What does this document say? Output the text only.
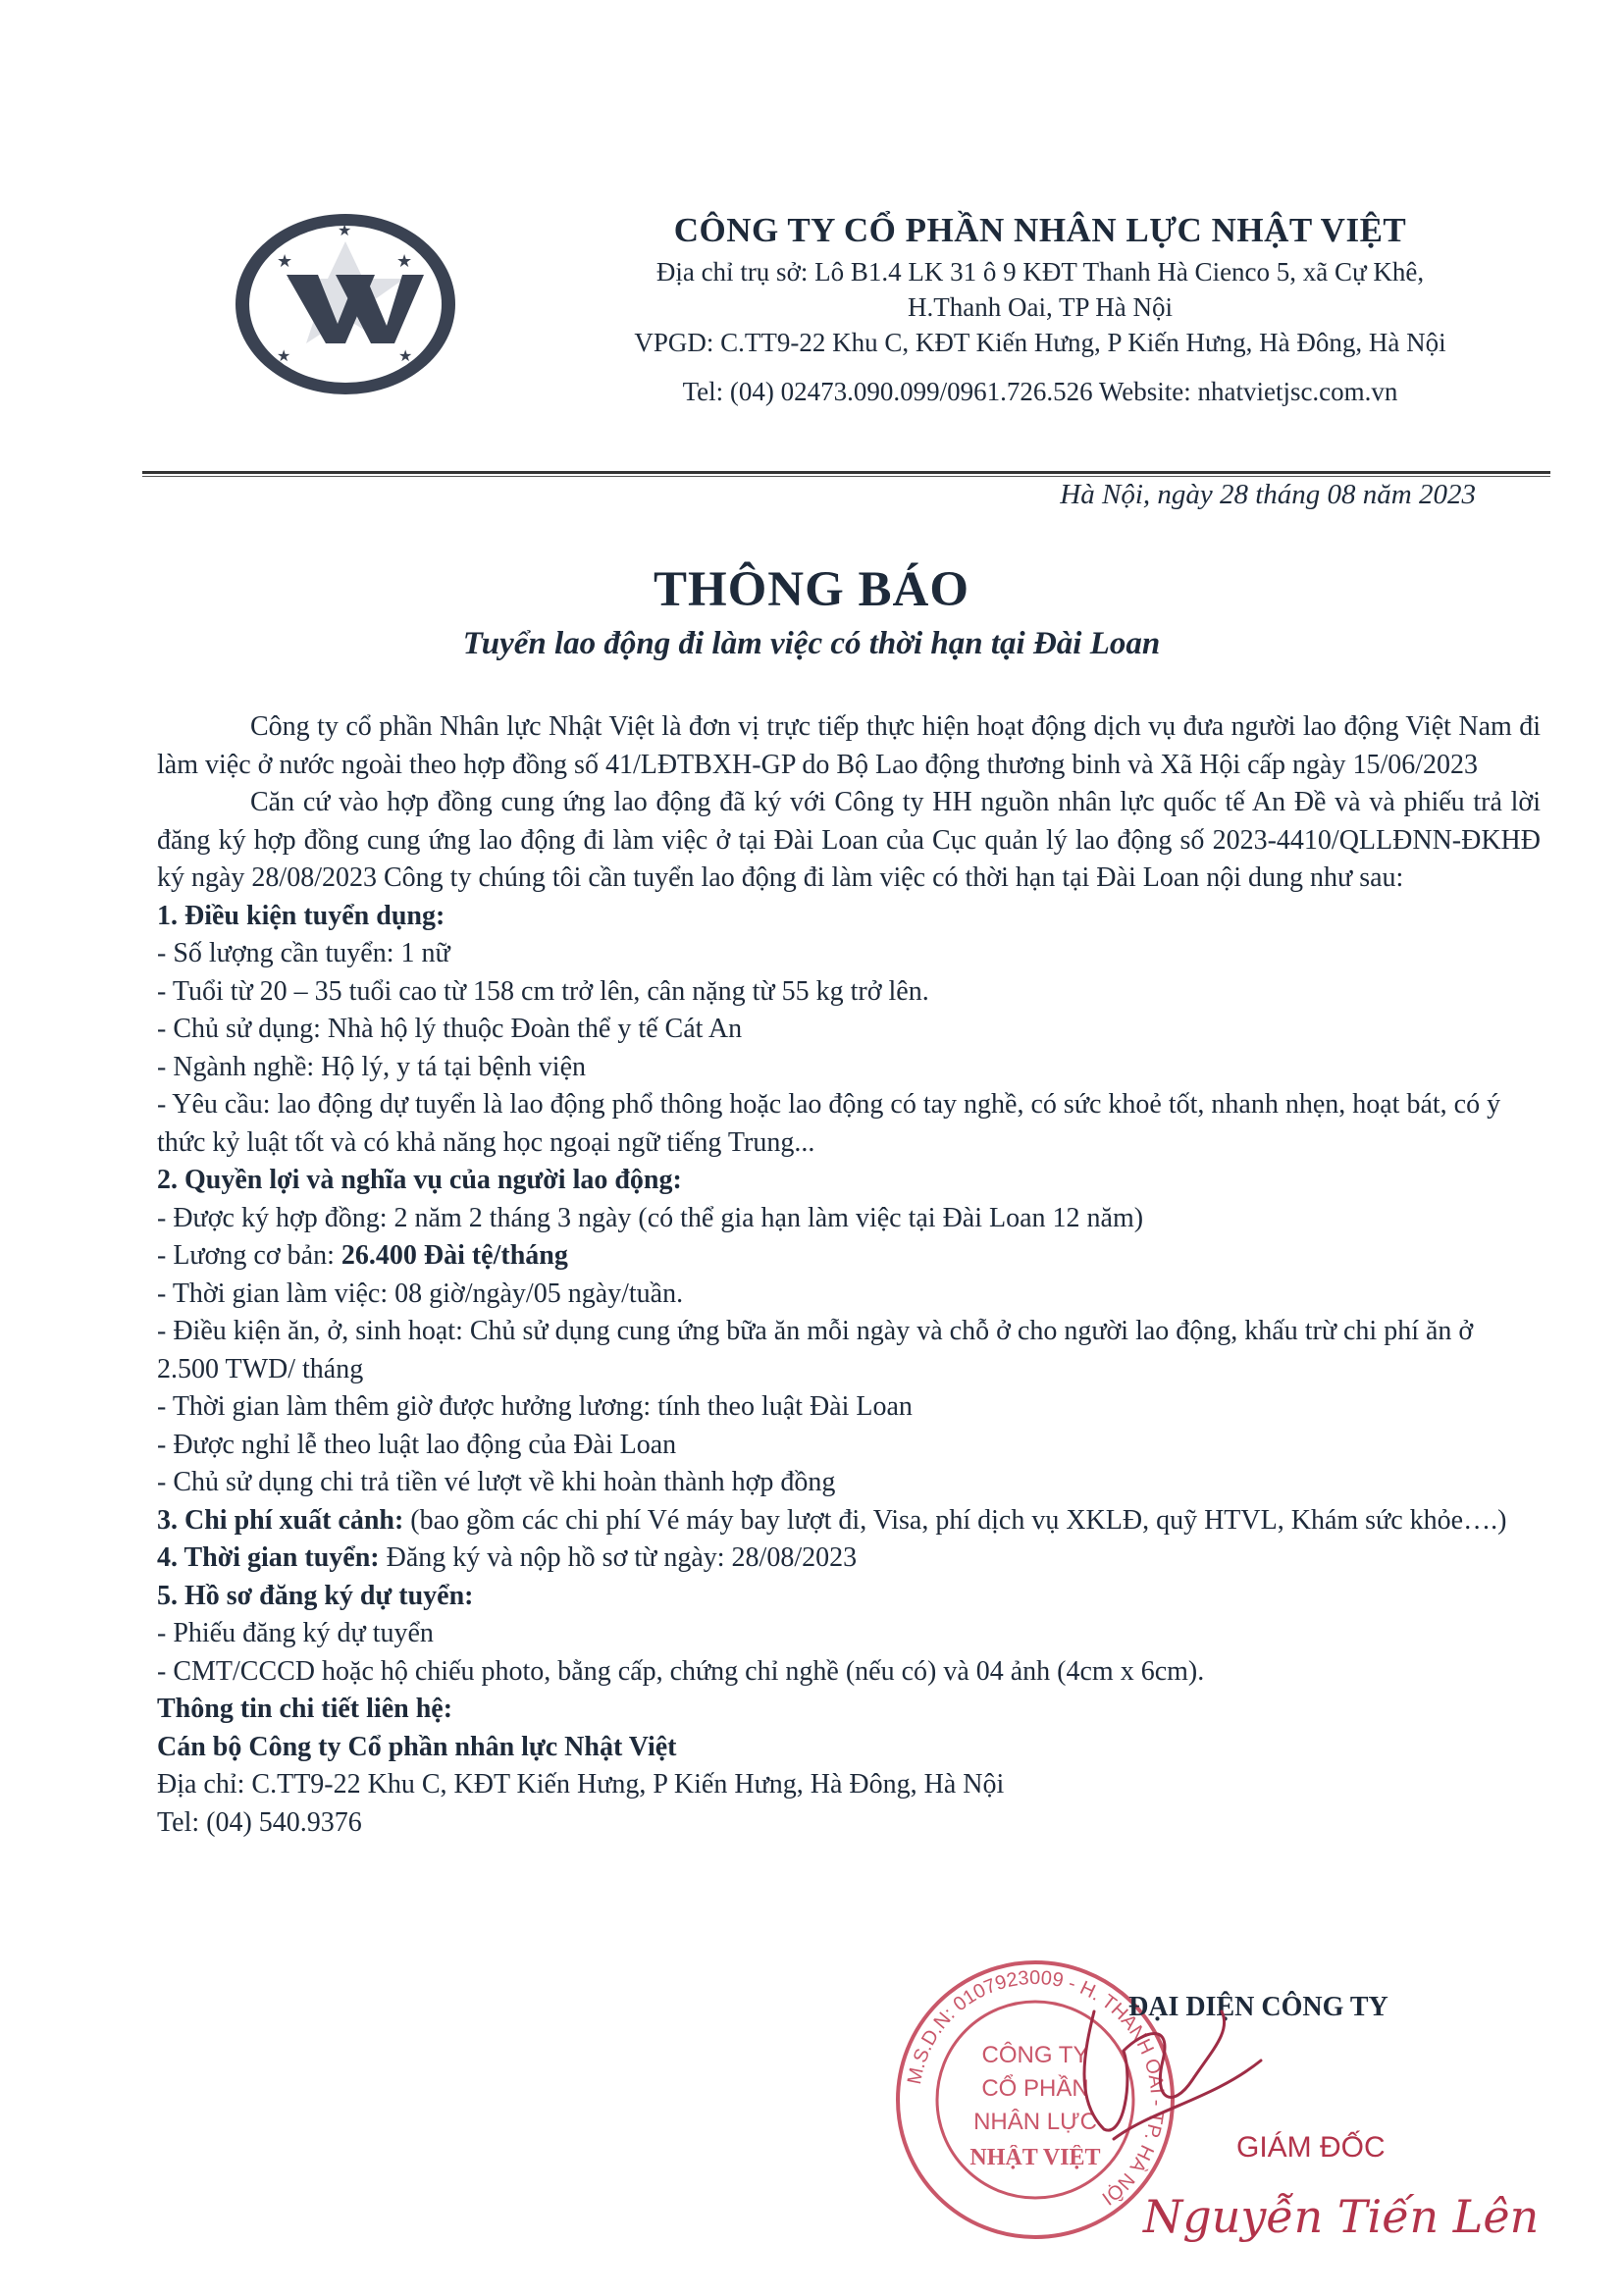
★	★
★
★	★
CÔNG TY CỔ PHẦN NHÂN LỰC NHẬT VIỆT
Địa chỉ trụ sở: Lô B1.4 LK 31 ô 9 KĐT Thanh Hà Cienco 5, xã Cự Khê,
H.Thanh Oai, TP Hà Nội
VPGD: C.TT9-22 Khu C, KĐT Kiến Hưng, P Kiến Hưng, Hà Đông, Hà Nội
Tel: (04) 02473.090.099/0961.726.526 Website: nhatvietjsc.com.vn
Hà Nội, ngày 28 tháng 08 năm 2023
THÔNG BÁO
Tuyển lao động đi làm việc có thời hạn tại Đài Loan

Công ty cổ phần Nhân lực Nhật Việt là đơn vị trực tiếp thực hiện hoạt động dịch vụ đưa người lao động Việt Nam đi làm việc ở nước ngoài theo hợp đồng số 41/LĐTBXH-GP do Bộ Lao động thương binh và Xã Hội cấp ngày 15/06/2023

Căn cứ vào hợp đồng cung ứng lao động đã ký với Công ty HH nguồn nhân lực quốc tế An Đề và và phiếu trả lời đăng ký hợp đồng cung ứng lao động đi làm việc ở tại Đài Loan của Cục quản lý lao động số 2023-4410/QLLĐNN-ĐKHĐ ký ngày 28/08/2023 Công ty chúng tôi cần tuyển lao động đi làm việc có thời hạn tại Đài Loan nội dung như sau:

1. Điều kiện tuyển dụng:

- Số lượng cần tuyển: 1 nữ

- Tuổi từ 20 – 35 tuổi cao từ 158 cm trở lên, cân nặng từ 55 kg trở lên.

- Chủ sử dụng: Nhà hộ lý thuộc Đoàn thể y tế Cát An

- Ngành nghề: Hộ lý, y tá tại bệnh viện

- Yêu cầu: lao động dự tuyển là lao động phổ thông hoặc lao động có tay nghề, có sức khoẻ tốt, nhanh nhẹn, hoạt bát, có ý thức kỷ luật tốt và có khả năng học ngoại ngữ tiếng Trung...

2. Quyền lợi và nghĩa vụ của người lao động:

- Được ký hợp đồng: 2 năm 2 tháng 3 ngày (có thể gia hạn làm việc tại Đài Loan 12 năm)

- Lương cơ bản: 26.400 Đài tệ/tháng

- Thời gian làm việc: 08 giờ/ngày/05 ngày/tuần.

- Điều kiện ăn, ở, sinh hoạt: Chủ sử dụng cung ứng bữa ăn mỗi ngày và chỗ ở cho người lao động, khấu trừ chi phí ăn ở 2.500 TWD/ tháng

- Thời gian làm thêm giờ được hưởng lương: tính theo luật Đài Loan

- Được nghỉ lễ theo luật lao động của Đài Loan

- Chủ sử dụng chi trả tiền vé lượt về khi hoàn thành hợp đồng

3. Chi phí xuất cảnh: (bao gồm các chi phí Vé máy bay lượt đi, Visa, phí dịch vụ XKLĐ, quỹ HTVL, Khám sức khỏe….)

4. Thời gian tuyển: Đăng ký và nộp hồ sơ từ ngày: 28/08/2023

5. Hồ sơ đăng ký dự tuyển:

- Phiếu đăng ký dự tuyển

- CMT/CCCD hoặc hộ chiếu photo, bằng cấp, chứng chỉ nghề (nếu có) và 04 ảnh (4cm x 6cm).

Thông tin chi tiết liên hệ:

Cán bộ Công ty Cổ phần nhân lực Nhật Việt

Địa chỉ: C.TT9-22 Khu C, KĐT Kiến Hưng, P Kiến Hưng, Hà Đông, Hà Nội

Tel: (04) 540.9376

M.S.D.N: 0107923009 - H. THANH OAI - TP. HÀ NỘI
CÔNG TY
CỔ PHẦN
NHÂN LỰC
NHẬT VIỆT
ĐẠI DIỆN CÔNG TY
GIÁM ĐỐC
Nguyễn Tiến Lên
